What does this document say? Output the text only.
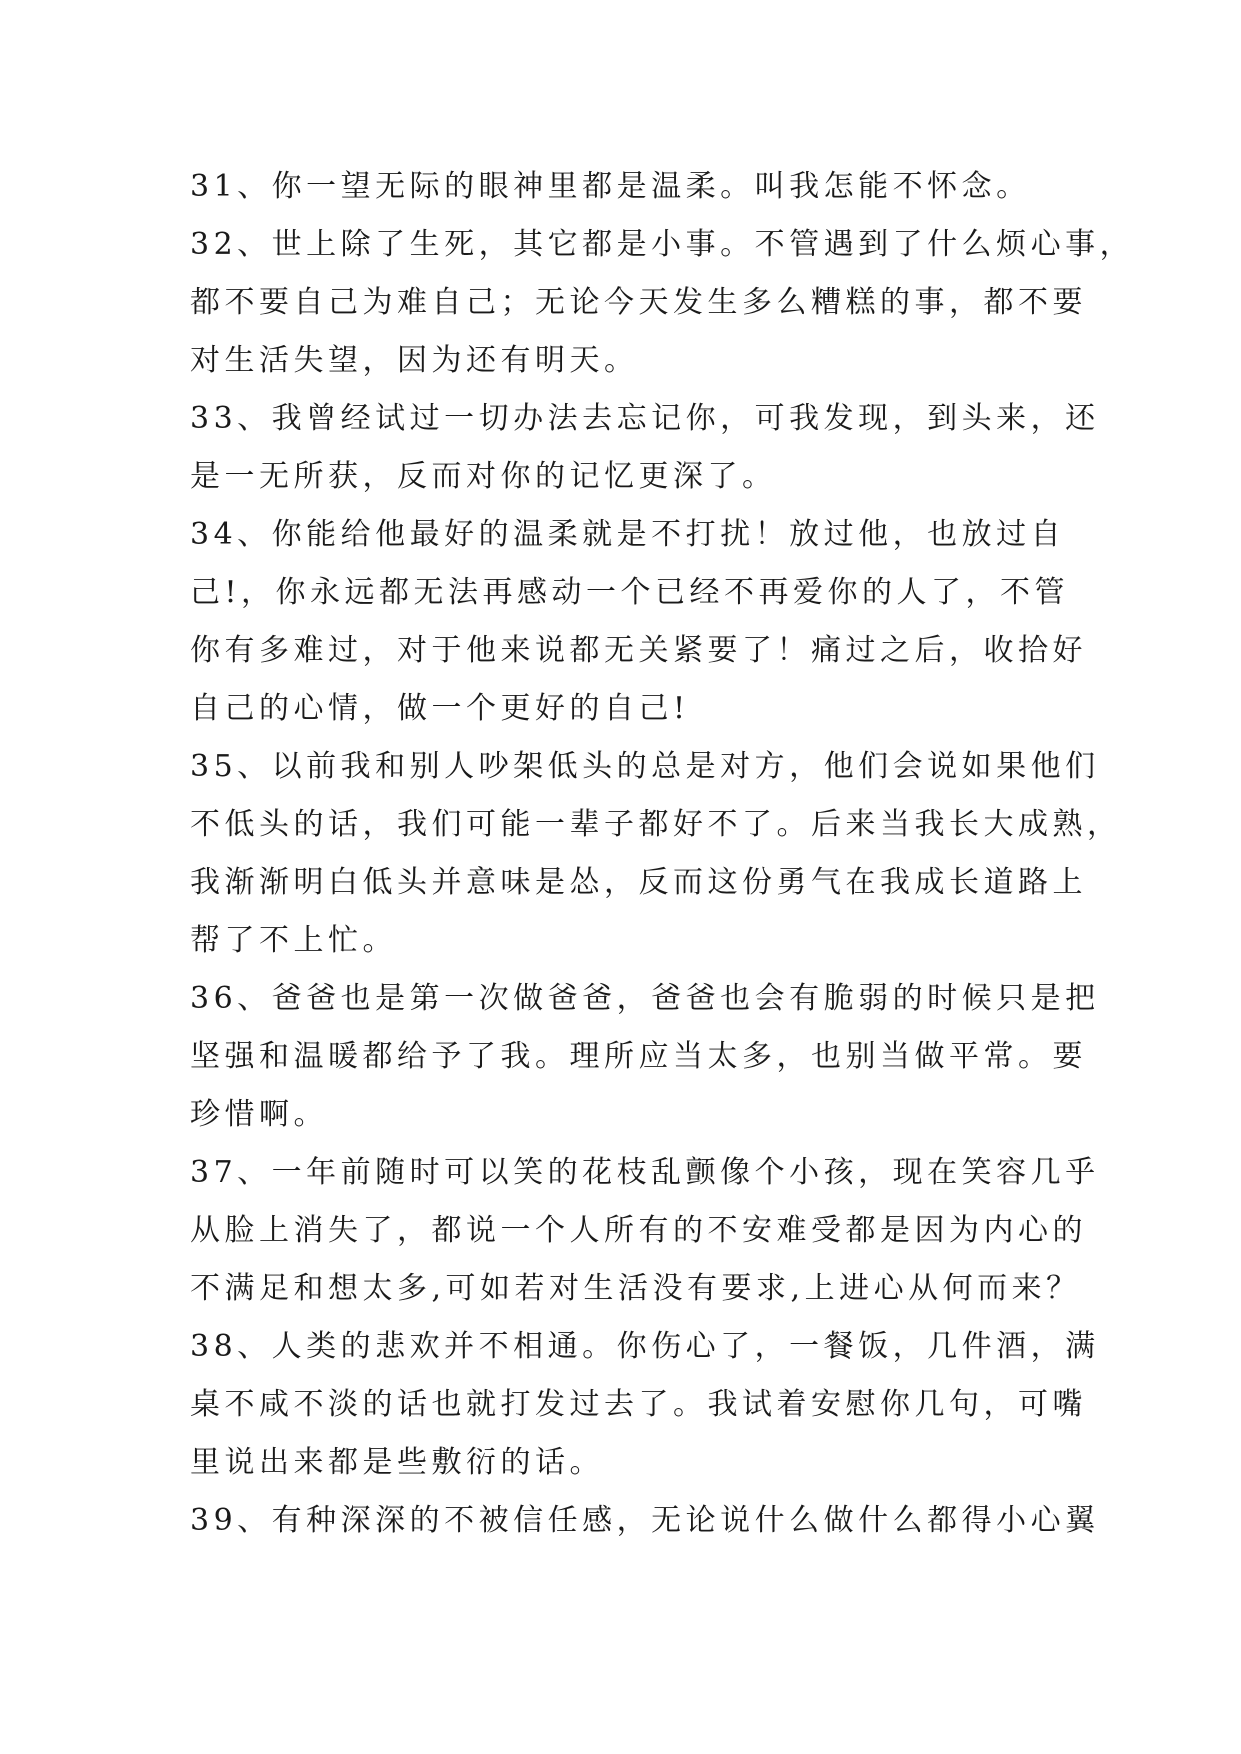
31、你一望无际的眼神里都是温柔。叫我怎能不怀念。
32、世上除了生死，其它都是小事。不管遇到了什么烦心事，
都不要自己为难自己；无论今天发生多么糟糕的事，都不要
对生活失望，因为还有明天。
33、我曾经试过一切办法去忘记你，可我发现，到头来，还
是一无所获，反而对你的记忆更深了。
34、你能给他最好的温柔就是不打扰！放过他，也放过自
己!，你永远都无法再感动一个已经不再爱你的人了，不管
你有多难过，对于他来说都无关紧要了！痛过之后，收拾好
自己的心情，做一个更好的自己!
35、以前我和别人吵架低头的总是对方，他们会说如果他们
不低头的话，我们可能一辈子都好不了。后来当我长大成熟，
我渐渐明白低头并意味是怂，反而这份勇气在我成长道路上
帮了不上忙。
36、爸爸也是第一次做爸爸，爸爸也会有脆弱的时候只是把
坚强和温暖都给予了我。理所应当太多，也别当做平常。要
珍惜啊。
37、一年前随时可以笑的花枝乱颤像个小孩，现在笑容几乎
从脸上消失了，都说一个人所有的不安难受都是因为内心的
不满足和想太多,可如若对生活没有要求,上进心从何而来？
38、人类的悲欢并不相通。你伤心了，一餐饭，几件酒，满
桌不咸不淡的话也就打发过去了。我试着安慰你几句，可嘴
里说出来都是些敷衍的话。
39、有种深深的不被信任感，无论说什么做什么都得小心翼
